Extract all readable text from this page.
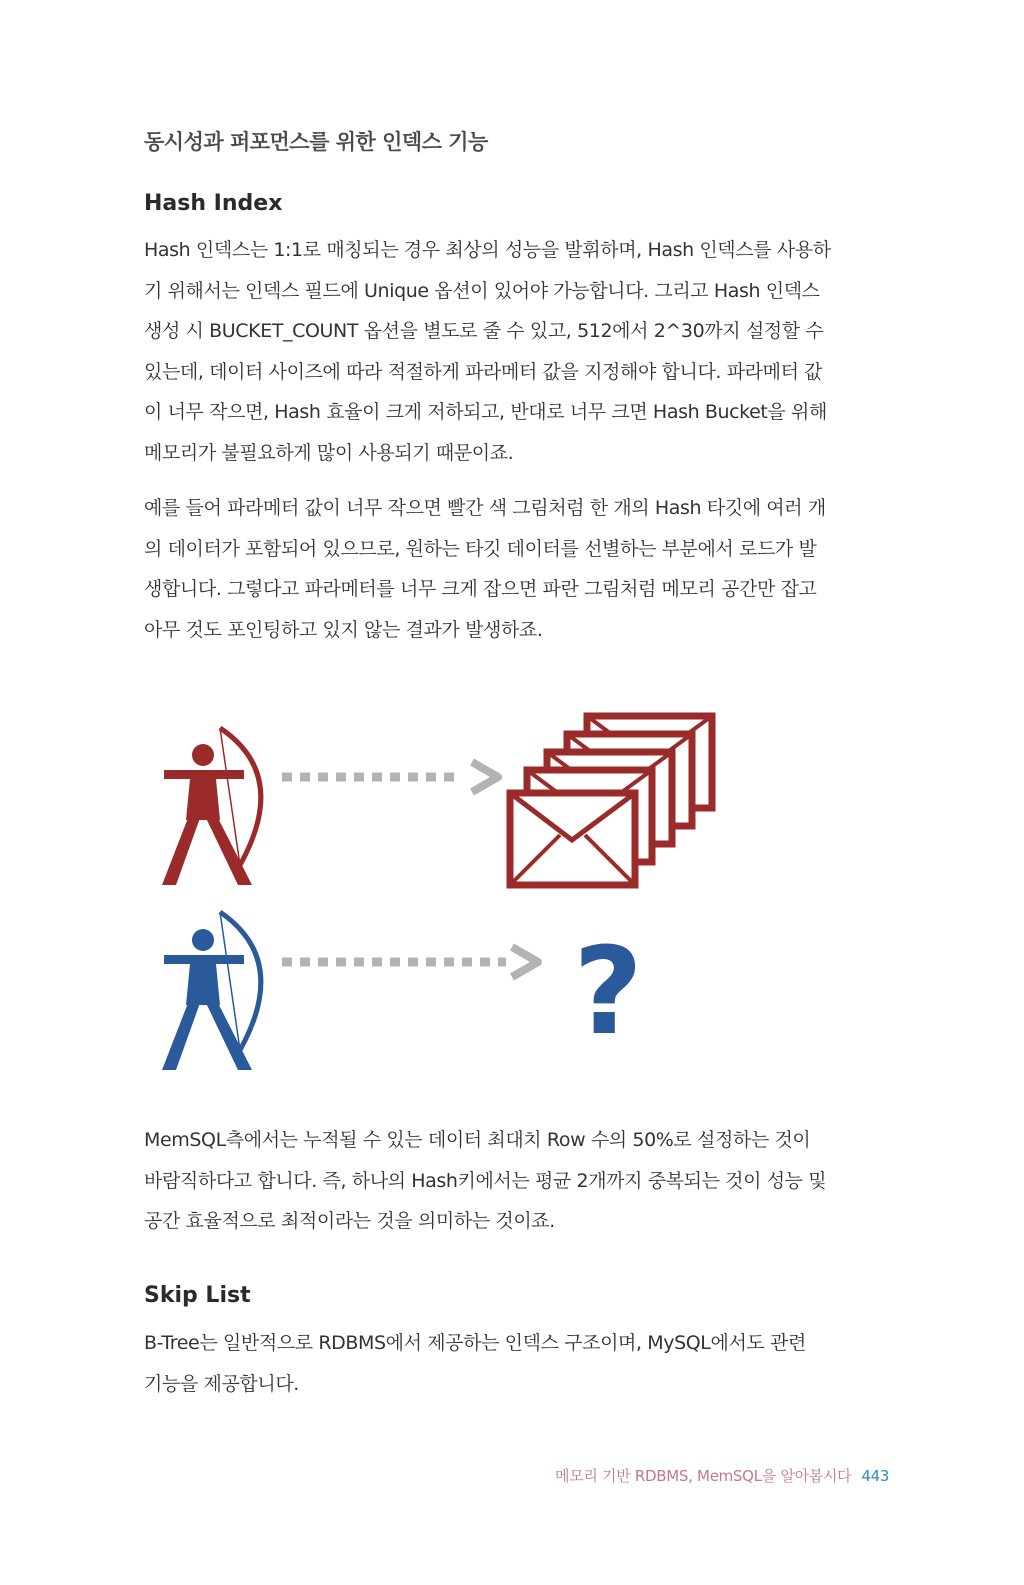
동시성과 퍼포먼스를 위한 인덱스 기능
Hash Index

Hash 인덱스는 1:1로 매칭되는 경우 최상의 성능을 발휘하며, Hash 인덱스를 사용하
기 위해서는 인덱스 필드에 Unique 옵션이 있어야 가능합니다. 그리고 Hash 인덱스
생성 시 BUCKET_COUNT 옵션을 별도로 줄 수 있고, 512에서 2^30까지 설정할 수
있는데, 데이터 사이즈에 따라 적절하게 파라메터 값을 지정해야 합니다. 파라메터 값
이 너무 작으면, Hash 효율이 크게 저하되고, 반대로 너무 크면 Hash Bucket을 위해
메모리가 불필요하게 많이 사용되기 때문이죠.

예를 들어 파라메터 값이 너무 작으면 빨간 색 그림처럼 한 개의 Hash 타깃에 여러 개
의 데이터가 포함되어 있으므로, 원하는 타깃 데이터를 선별하는 부분에서 로드가 발
생합니다. 그렇다고 파라메터를 너무 크게 잡으면 파란 그림처럼 메모리 공간만 잡고
아무 것도 포인팅하고 있지 않는 결과가 발생하죠.

?

MemSQL측에서는 누적될 수 있는 데이터 최대치 Row 수의 50%로 설정하는 것이
바람직하다고 합니다. 즉, 하나의 Hash키에서는 평균 2개까지 중복되는 것이 성능 및
공간 효율적으로 최적이라는 것을 의미하는 것이죠.

Skip List

B-Tree는 일반적으로 RDBMS에서 제공하는 인덱스 구조이며, MySQL에서도 관련
기능을 제공합니다.

메모리 기반 RDBMS, MemSQL을 알아봅시다 443
